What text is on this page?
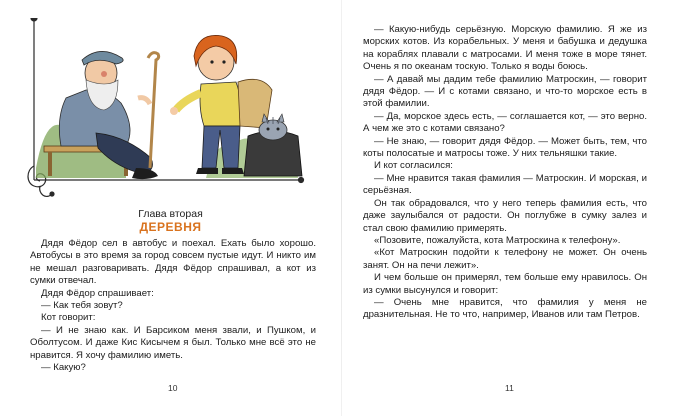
Глава вторая
ДЕРЕВНЯ

Дядя Фёдор сел в автобус и поехал. Ехать было хорошо. Автобусы в это время за город совсем пустые идут. И никто им не мешал разговаривать. Дядя Фёдор спрашивал, а кот из сумки отвечал.

Дядя Фёдор спрашивает:

— Как тебя зовут?

Кот говорит:

— И не знаю как. И Барсиком меня звали, и Пушком, и Оболтусом. И даже Кис Кисычем я был. Только мне всё это не нравится. Я хочу фамилию иметь.

— Какую?

10

— Какую-нибудь серьёзную. Морскую фамилию. Я же из морских котов. Из корабельных. У меня и бабушка и дедушка на кораблях плавали с матросами. И меня тоже в море тянет. Очень я по океанам тоскую. Только я воды боюсь.

— А давай мы дадим тебе фамилию Матроскин, — говорит дядя Фёдор. — И с котами связано, и что-то морское есть в этой фамилии.

— Да, морское здесь есть, — соглашается кот, — это верно. А чем же это с котами связано?

— Не знаю, — говорит дядя Фёдор. — Может быть, тем, что коты полосатые и матросы тоже. У них тельняшки такие.

И кот согласился:

— Мне нравится такая фамилия — Матроскин. И морская, и серьёзная.

Он так обрадовался, что у него теперь фамилия есть, что даже заулыбался от радости. Он поглубже в сумку залез и стал свою фамилию примерять.

«Позовите, пожалуйста, кота Матроскина к телефону».

«Кот Матроскин подойти к телефону не может. Он очень занят. Он на печи лежит».

И чем больше он примерял, тем больше ему нравилось. Он из сумки высунулся и говорит:

— Очень мне нравится, что фамилия у меня не дразнительная. Не то что, например, Иванов или там Петров.

11
